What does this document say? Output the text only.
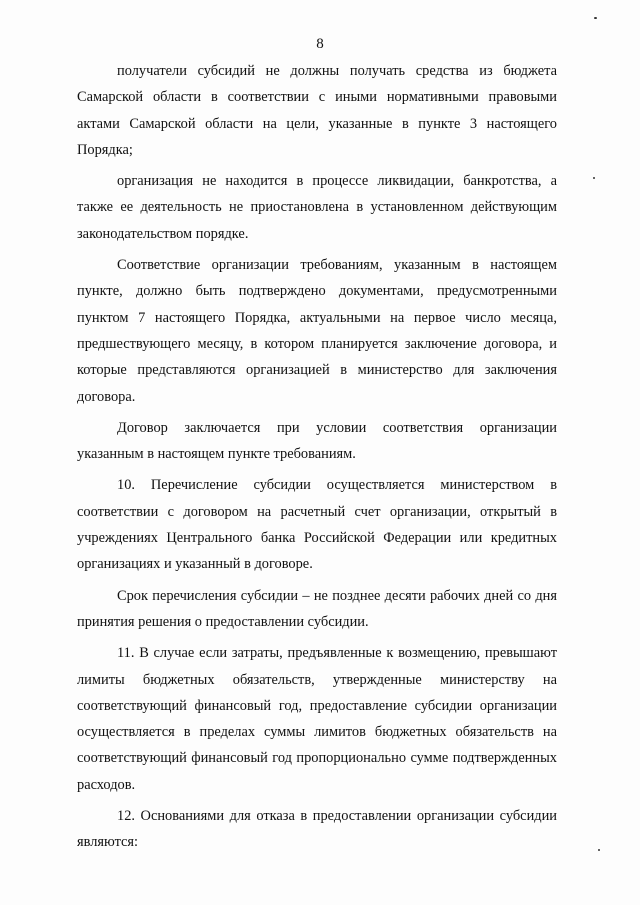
8

получатели субсидий не должны получать средства из бюджета Самарской области в соответствии с иными нормативными правовыми актами Самарской области на цели, указанные в пункте 3 настоящего Порядка;

организация не находится в процессе ликвидации, банкротства, а также ее деятельность не приостановлена в установленном действующим законодательством порядке.

Соответствие организации требованиям, указанным в настоящем пункте, должно быть подтверждено документами, предусмотренными пунктом 7 настоящего Порядка, актуальными на первое число месяца, предшествующего месяцу, в котором планируется заключение договора, и которые представляются организацией в министерство для заключения договора.

Договор заключается при условии соответствия организации указанным в настоящем пункте требованиям.

10. Перечисление субсидии осуществляется министерством в соответствии с договором на расчетный счет организации, открытый в учреждениях Центрального банка Российской Федерации или кредитных организациях и указанный в договоре.

Срок перечисления субсидии – не позднее десяти рабочих дней со дня принятия решения о предоставлении субсидии.

11. В случае если затраты, предъявленные к возмещению, превышают лимиты бюджетных обязательств, утвержденные министерству на соответствующий финансовый год, предоставление субсидии организации осуществляется в пределах суммы лимитов бюджетных обязательств на соответствующий финансовый год пропорционально сумме подтвержденных расходов.

12. Основаниями для отказа в предоставлении организации субсидии являются:
